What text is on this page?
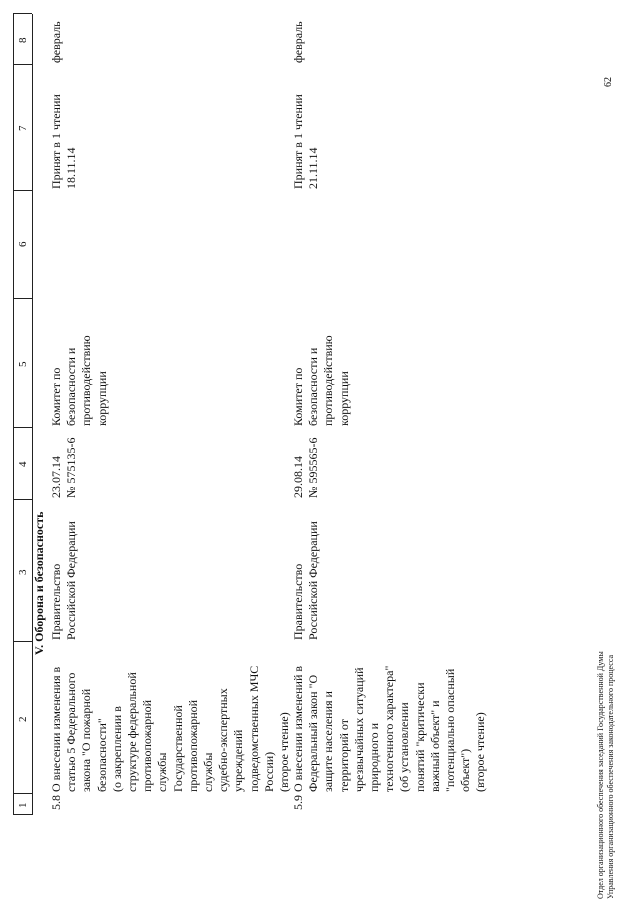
1
2
3
4
5
6
7
8
V. Оборона и безопасность
5.8
О внесении изменения в статью 5 Федерального закона "О пожарной безопасности" (о закреплении в структуре федеральной противопожарной службы Государственной противопожарной службы судебно-экспертных учреждений подведомственных МЧС России) (второе чтение)
Правительство Российской Федерации
23.07.14 № 575135-6
Комитет по безопасности и противодействию коррупции
Принят в 1 чтении 18.11.14
февраль
5.9
О внесении изменений в Федеральный закон "О защите населения и территорий от чрезвычайных ситуаций природного и техногенного характера" (об установлении понятий "критически важный объект" и "потенциально опасный объект") (второе чтение)
Правительство Российской Федерации
29.08.14 № 595565-6
Комитет по безопасности и противодействию коррупции
Принят в 1 чтении 21.11.14
февраль
Отдел организационного обеспечения заседаний Государственной Думы Управления организационного обеспечения законодательного процесса
62
